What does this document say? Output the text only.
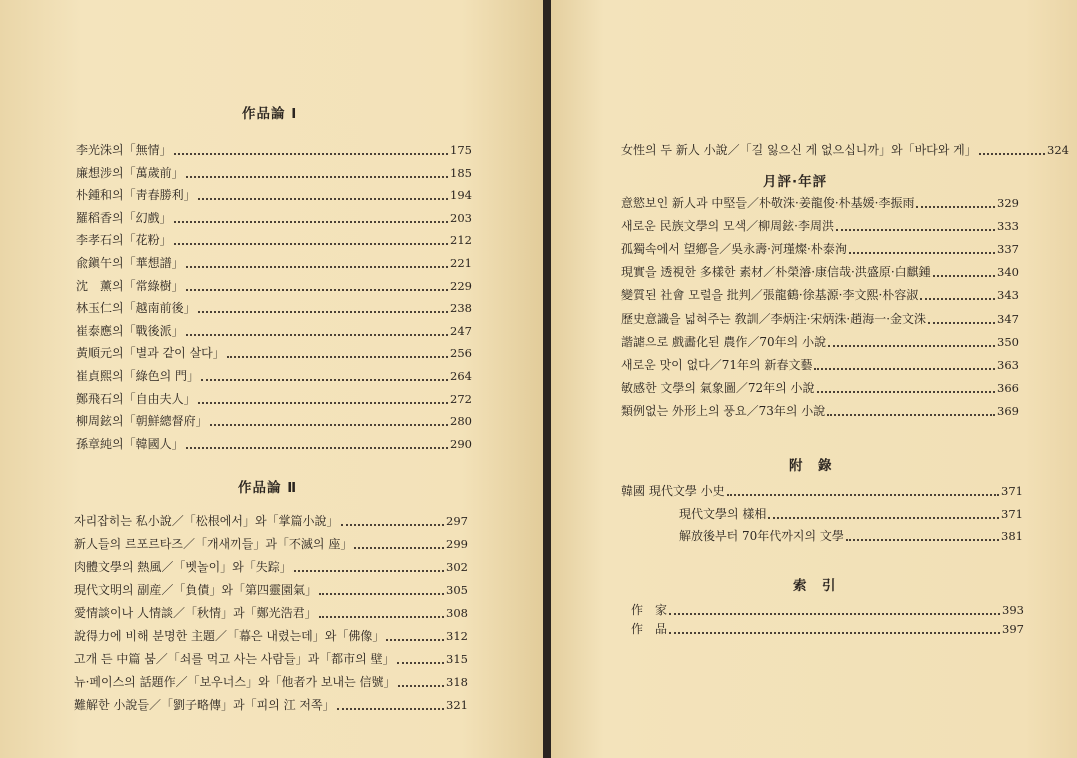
作品論 Ⅰ
作品論 Ⅱ
李光洙의「無情」	175
廉想涉의「萬歲前」	185
朴鍾和의「靑春勝利」	194
羅稻香의「幻戲」	203
李孝石의「花粉」	212
兪鎭午의「華想譜」	221
沈　薰의「常綠樹」	229
林玉仁의「越南前後」	238
崔泰應의「戰後派」	247
黃順元의「별과 같이 살다」	256
崔貞熙의「綠色의 門」	264
鄭飛石의「自由夫人」	272
柳周鉉의「朝鮮總督府」	280
孫章純의「韓國人」	290
자리잡히는 私小說／「松根에서」와「掌篇小說」	297
新人들의 르포르타즈／「개새끼들」과「不滅의 座」	299
肉體文學의 熱風／「벳놀이」와「失踪」	302
現代文明의 副産／「負債」와「第四靈園氣」	305
愛情談이나 人情談／「秋情」과「鄭光浩君」	308
說得力에 비해 분명한 主題／「幕은 내렸는데」와「佛像」	312
고개 든 中篇 붐／「쇠를 먹고 사는 사람들」과「都市의 壁」	315
뉴·페이스의 話題作／「보우너스」와「他者가 보내는 信號」	318
難解한 小說들／「劉子略傳」과「피의 江 저쪽」	321
月評·年評
附　錄
索　引
女性의 두 新人 小說／「길 잃으신 게 없으십니까」와「바다와 게」	324
意慾보인 新人과 中堅들／朴敬洙·姜龍俊·朴基媛·李振雨	329
새로운 民族文學의 모색／柳周鉉·李周洪	333
孤獨속에서 望鄕을／吳永壽·河瑾燦·朴泰洵	337
現實을 透視한 多樣한 素材／朴榮濬·康信哉·洪盛原·白麒鍾	340
變質된 社會 모럴을 批判／張龍鶴·徐基源·李文熙·朴容淑	343
歷史意識을 넓혀주는 敎訓／李炳注·宋炳洙·趙海一·金文洙	347
諧謔으로 戲畵化된 農作／70年의 小說	350
새로운 맛이 없다／71年의 新春文藝	363
敏感한 文學의 氣象圖／72年의 小說	366
類例없는 外形上의 풍요／73年의 小說	369
韓國 現代文學 小史	371
現代文學의 樣相	371
解放後부터 70年代까지의 文學	381
作　家	393
作　品	397
